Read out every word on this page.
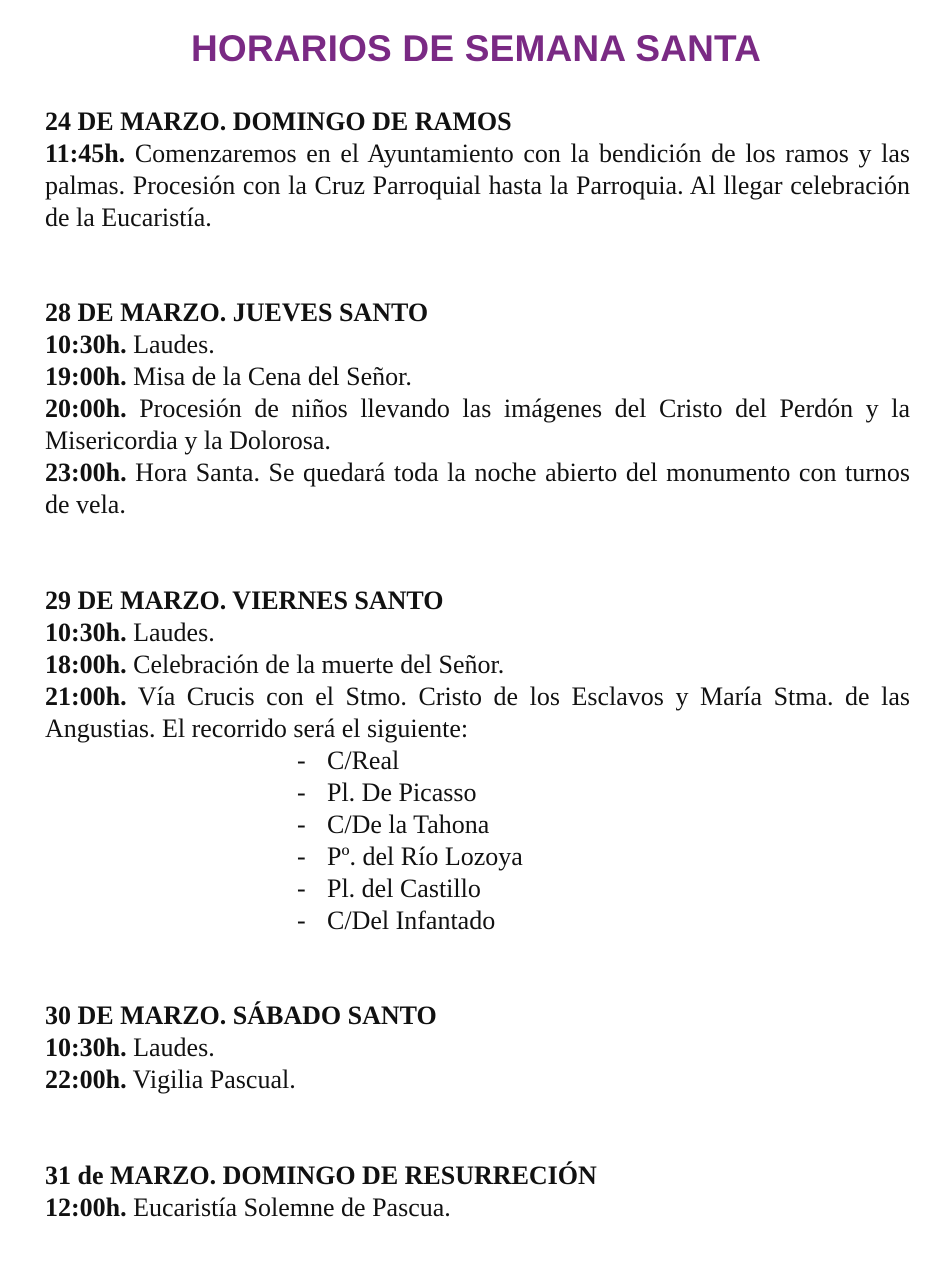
HORARIOS DE SEMANA SANTA
24 DE MARZO. DOMINGO DE RAMOS
11:45h. Comenzaremos en el Ayuntamiento con la bendición de los ramos y las palmas. Procesión con la Cruz Parroquial hasta la Parroquia. Al llegar celebración de la Eucaristía.
28 DE MARZO. JUEVES SANTO
10:30h. Laudes.
19:00h. Misa de la Cena del Señor.
20:00h. Procesión de niños llevando las imágenes del Cristo del Perdón y la Misericordia y la Dolorosa.
23:00h. Hora Santa. Se quedará toda la noche abierto del monumento con turnos de vela.
29 DE MARZO. VIERNES SANTO
10:30h. Laudes.
18:00h. Celebración de la muerte del Señor.
21:00h. Vía Crucis con el Stmo. Cristo de los Esclavos y María Stma. de las Angustias. El recorrido será el siguiente:
- C/Real
- Pl. De Picasso
- C/De la Tahona
- Pº. del Río Lozoya
- Pl. del Castillo
- C/Del Infantado
30 DE MARZO. SÁBADO SANTO
10:30h. Laudes.
22:00h. Vigilia Pascual.
31 de MARZO. DOMINGO DE RESURRECIÓN
12:00h. Eucaristía Solemne de Pascua.
